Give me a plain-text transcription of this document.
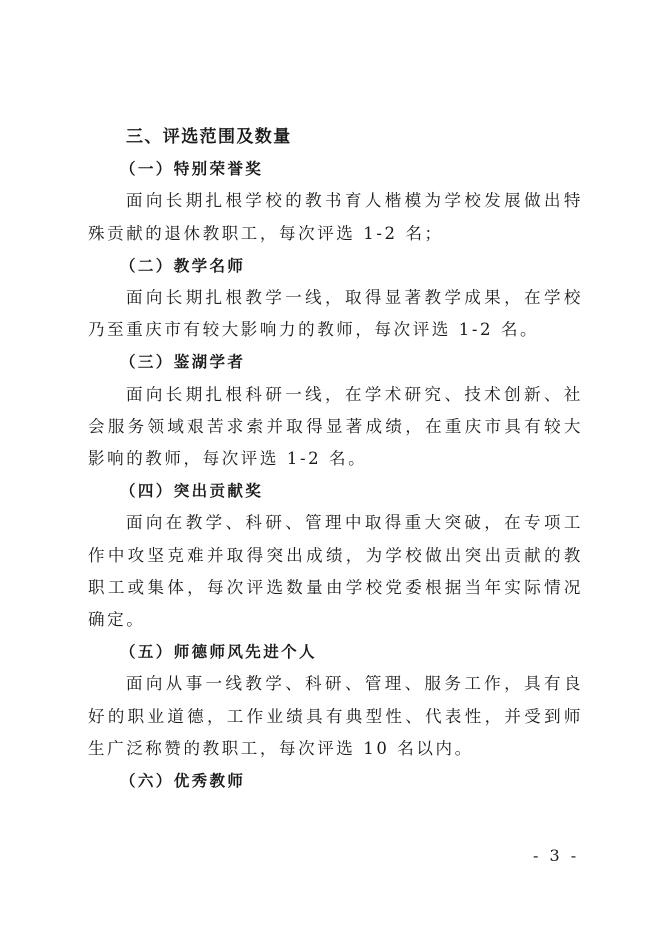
三、评选范围及数量
（一）特别荣誉奖

面向长期扎根学校的教书育人楷模为学校发展做出特殊贡献的退休教职工，每次评选 1-2 名；

（二）教学名师

面向长期扎根教学一线，取得显著教学成果，在学校乃至重庆市有较大影响力的教师，每次评选 1-2 名。

（三）鉴湖学者

面向长期扎根科研一线，在学术研究、技术创新、社会服务领域艰苦求索并取得显著成绩，在重庆市具有较大影响的教师，每次评选 1-2 名。

（四）突出贡献奖

面向在教学、科研、管理中取得重大突破，在专项工作中攻坚克难并取得突出成绩，为学校做出突出贡献的教职工或集体，每次评选数量由学校党委根据当年实际情况确定。

（五）师德师风先进个人

面向从事一线教学、科研、管理、服务工作，具有良好的职业道德，工作业绩具有典型性、代表性，并受到师生广泛称赞的教职工，每次评选 10 名以内。

（六）优秀教师
- 3 -
